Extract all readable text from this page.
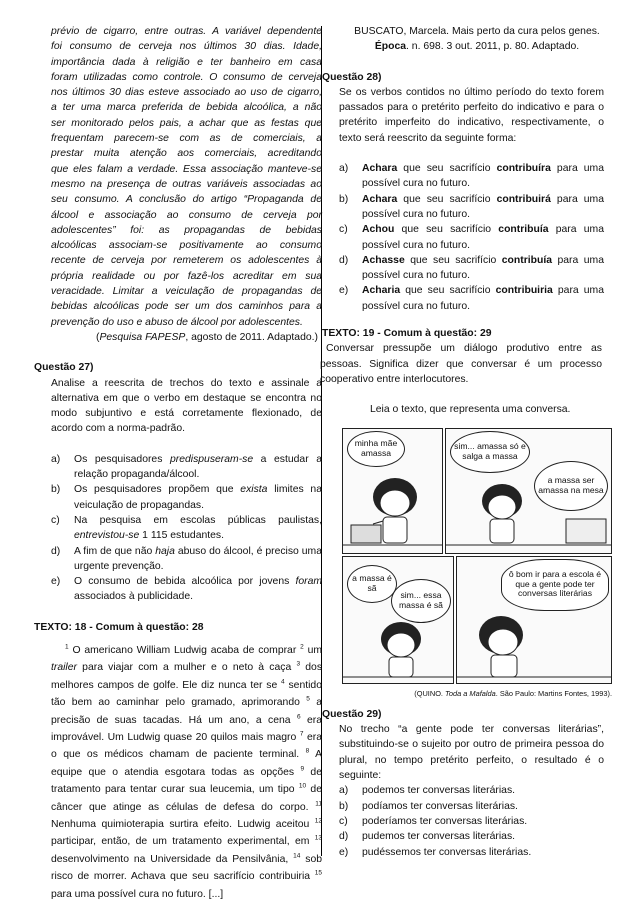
prévio de cigarro, entre outras. A variável dependente
foi consumo de cerveja nos últimos 30 dias. Idade,
importância dada à religião e ter banheiro em casa
foram utilizadas como controle. O consumo de cerveja
nos últimos 30 dias esteve associado ao uso de cigarro,
a ter uma marca preferida de bebida alcoólica, a não
ser monitorado pelos pais, a achar que as festas que
frequentam parecem-se com as de comerciais, a
prestar muita atenção aos comerciais, acreditando
que eles falam a verdade. Essa associação manteve-se
mesmo na presença de outras variáveis associadas ao
seu consumo. A conclusão do artigo “Propaganda de
álcool e associação ao consumo de cerveja por
adolescentes” foi: as propagandas de bebidas
alcoólicas associam-se positivamente ao consumo
recente de cerveja por remeterem os adolescentes à
própria realidade ou por fazê-los acreditar em sua
veracidade. Limitar a veiculação de propagandas de
bebidas alcoólicas pode ser um dos caminhos para a
prevenção do uso e abuso de álcool por adolescentes.
(Pesquisa FAPESP, agosto de 2011. Adaptado.)

Questão 27)

Analise a reescrita de trechos do texto e assinale a alternativa em que o verbo em destaque se encontra no modo subjuntivo e está corretamente flexionado, de acordo com a norma-padrão.
a)	Os pesquisadores predispuseram-se a estudar a relação propaganda/álcool.
b)	Os pesquisadores propõem que exista limites na veiculação de propagandas.
c)	Na pesquisa em escolas públicas paulistas, entrevistou-se 1 115 estudantes.
d)	A fim de que não haja abuso do álcool, é preciso uma urgente prevenção.
e)	O consumo de bebida alcoólica por jovens foram associados à publicidade.
TEXTO: 18 - Comum à questão: 28
$^1$ O americano William Ludwig acaba de comprar $^2$ um trailer para viajar com a mulher e o neto à caça $^3$ dos melhores campos de golfe. Ele diz nunca ter se $^4$ sentido tão bem ao caminhar pelo gramado, aprimorando $^5$ a precisão de suas tacadas. Há um ano, a cena $^6$ era improvável. Um Ludwig quase 20 quilos mais magro $^7$ era o que os médicos chamam de paciente terminal. $^8$ A equipe que o atendia esgotara todas as opções $^9$ de tratamento para tentar curar sua leucemia, um tipo $^{10}$ de câncer que atinge as células de defesa do corpo. $^{11}$ Nenhuma quimioterapia surtira efeito. Ludwig aceitou $^{12}$ participar, então, de um tratamento experimental, em $^{13}$ desenvolvimento na Universidade da Pensilvânia, $^{14}$ sob risco de morrer. Achava que seu sacrifício contribuiria $^{15}$ para uma possível cura no futuro. [...]
BUSCATO, Marcela. Mais perto da cura pelos genes.
Época. n. 698. 3 out. 2011, p. 80. Adaptado.

Questão 28)

Se os verbos contidos no último período do texto forem passados para o pretérito perfeito do indicativo e para o pretérito imperfeito do indicativo, respectivamente, o texto será reescrito da seguinte forma:
a)	Achara que seu sacrifício contribuíra para uma possível cura no futuro.
b)	Achara que seu sacrifício contribuirá para uma possível cura no futuro.
c)	Achou que seu sacrifício contribuía para uma possível cura no futuro.
d)	Achasse que seu sacrifício contribuía para uma possível cura no futuro.
e)	Acharia que seu sacrifício contribuiria para uma possível cura no futuro.
TEXTO: 19 - Comum à questão: 29
Conversar pressupõe um diálogo produtivo entre as pessoas. Significa dizer que conversar é um processo cooperativo entre interlocutores.
Leia o texto, que representa uma conversa.
minha mãe amassa
sim... amassa só e salga a massa
a massa ser amassa na mesa
a massa é sã
sim... essa massa é sã
ô bom ir para a escola é que a gente pode ter conversas literárias
(QUINO. Toda a Mafalda. São Paulo: Martins Fontes, 1993).

Questão 29)

No trecho “a gente pode ter conversas literárias”, substituindo-se o sujeito por outro de primeira pessoa do plural, no tempo pretérito perfeito, o resultado é o seguinte:
a)	podemos ter conversas literárias.
b)	podíamos ter conversas literárias.
c)	poderíamos ter conversas literárias.
d)	pudemos ter conversas literárias.
e)	pudéssemos ter conversas literárias.
